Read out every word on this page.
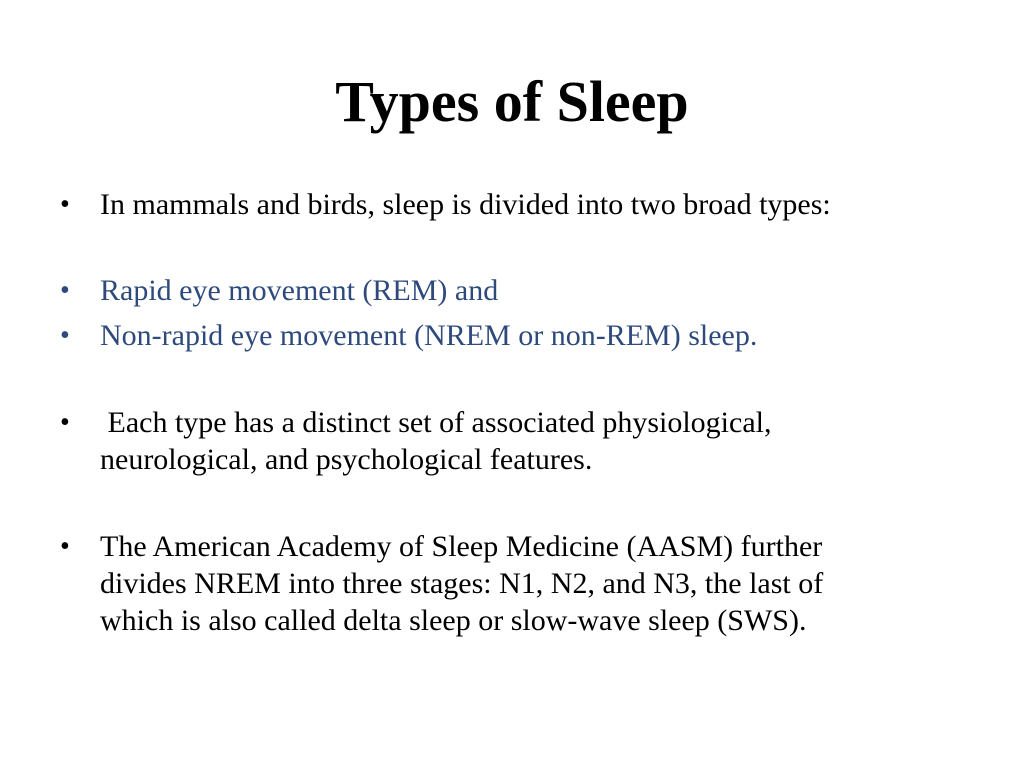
Types of Sleep
•	In mammals and birds, sleep is divided into two broad types:
•	Rapid eye movement (REM) and
•	Non-rapid eye movement (NREM or non-REM) sleep.
•	Each type has a distinct set of associated physiological,
neurological, and psychological features.
•	The American Academy of Sleep Medicine (AASM) further
divides NREM into three stages: N1, N2, and N3, the last of
which is also called delta sleep or slow-wave sleep (SWS).
